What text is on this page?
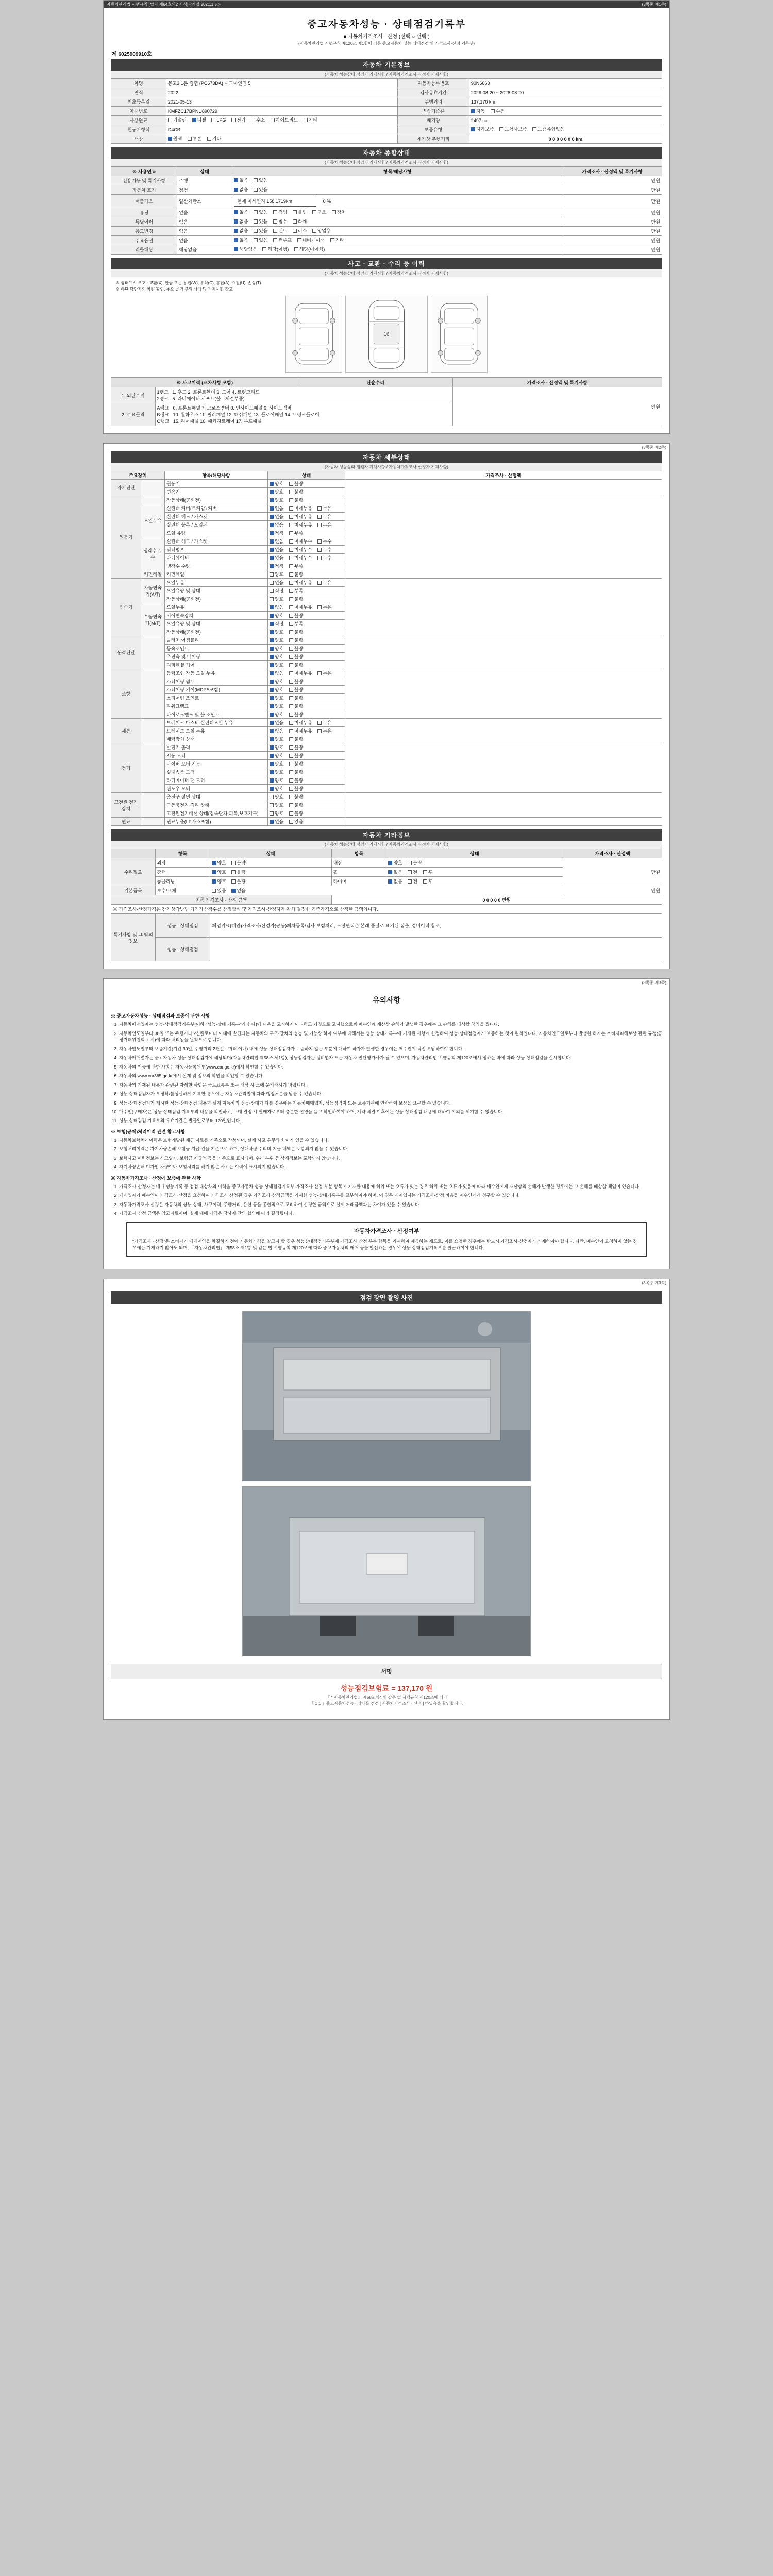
자동차관리법 시행규칙 [별지 제64호의2 서식] <개정 2021.1.5.>	(3쪽중 제1쪽)
중고자동차성능 · 상태점검기록부
■ 자동차가격조사 · 산정 (선택 ○ 선택 )
(자동차관리법 시행규칙 제120조 제1항에 따른 중고자동차 성능·상태점검 및 가격조사·산정 기록부)
제 6025909910호
자동차 기본정보
(자동차 성능상태 점검자 기재사항 / 자동차가격조사·산정자 기재사항)
차명	봉고3 1톤 킹캡 (PC673DA) 시그마엔진 5	자동차등록번호	90N6663
연식	2022	검사유효기간	2026-08-20 ~ 2028-08-20
최초등록일	2021-05-13	주행거리	137,170 km
차대번호	KMFZC17BPNU890729	변속기종류	자동 수동
사용연료	가솔린 디젤 LPG 전기 수소 하이브리드 기타	배기량	2497 cc
원동기형식	D4CB	보증유형	자가보증 보험사보증 보증유형없음
색상	원색 투톤 기타	계기상 주행거리	0 0 0 0 0 0 0 km
자동차 종합상태
(자동차 성능상태 점검자 기재사항 / 자동차가격조사·산정자 기재사항)
※ 사용연료	상태	항목/해당사항	가격조사 · 산정액 및 특기사항
전용기능 및 특기사항	주행	없음 있음	만원
자동차 표기	점검	없음 있음	만원
배출가스	일산화탄소	현재 미세먼지 158,1719km 0 %	만원
튜닝	없음	없음 있음 적법 불법 구조 장치	만원
특별이력	없음	없음 있음 침수 화재	만원
용도변경	없음	없음 있음 렌트 리스 영업용	만원
주요옵션	없음	없음 있음 썬루프 내비게이션 기타	만원
리콜대상	해당없음	해당없음 해당(이행) 해당(미이행)	만원
사고 · 교환 · 수리 등 이력
(자동차 성능상태 점검자 기재사항 / 자동차가격조사·산정자 기재사항)
※ 상태표시 부호 : 교환(X), 판금 또는 용접(W), 부식(C), 흠집(A), 요철(U), 손상(T)
※ 하단 담당자의 차량 확인, 주요 골격 부위 상태 및 기재사항 참고
16
※ 사고이력 (교차사항 포함)		단순수리	가격조사 · 산정액 및 특기사항
1. 외판부위	1랭크 1. 후드 2. 프론트휀더 3. 도어 4. 트렁크리드
2랭크 5. 라디에이터 서포트(볼트체결부품)		만원
2. 주요골격	A랭크 6. 프론트패널 7. 크로스멤버 8. 인사이드패널 9. 사이드멤버
B랭크 10. 휠하우스 11. 필러패널 12. 대쉬패널 13. 플로어패널 14. 트렁크플로어
C랭크 15. 리어패널 16. 패키지트레이 17. 루프패널		
(3쪽중 제2쪽)
자동차 세부상태
(자동차 성능상태 점검자 기재사항 / 자동차가격조사·산정자 기재사항)
주요장치		항목/해당사항	상태	가격조사 · 산정액
자기진단		원동기	양호 불량	
		변속기	양호 불량	
원동기		작동상태(공회전)	양호 불량	
	오일누유	실린더 커버(로커암) 커버	없음 미세누유 누유	
		실린더 헤드 / 가스켓	없음 미세누유 누유	
		실린더 블록 / 오일팬	없음 미세누유 누유	
		오일 유량	적정 부족	
	냉각수 누수	실린더 헤드 / 가스켓	없음 미세누수 누수	
		워터펌프	없음 미세누수 누수	
		라디에이터	없음 미세누수 누수	
		냉각수 수량	적정 부족	
	커먼레일	커먼레일	양호 불량	
변속기	자동변속기(A/T)	오일누유	없음 미세누유 누유	
		오일유량 및 상태	적정 부족	
		작동상태(공회전)	양호 불량	
	수동변속기(M/T)	오일누유	없음 미세누유 누유	
		기어변속장치	양호 불량	
		오일유량 및 상태	적정 부족	
		작동상태(공회전)	양호 불량	
동력전달		클러치 어셈블리	양호 불량	
		등속조인트	양호 불량	
		추진축 및 베어링	양호 불량	
		디퍼렌셜 기어	양호 불량	
조향		동력조향 작동 오일 누유	없음 미세누유 누유	
		스티어링 펌프	양호 불량	
		스티어링 기어(MDPS포함)	양호 불량	
		스티어링 조인트	양호 불량	
		파워크랭크	양호 불량	
		타이로드엔드 및 볼 조인트	양호 불량	
제동		브레이크 마스터 실린더오일 누유	없음 미세누유 누유	
		브레이크 오일 누유	없음 미세누유 누유	
		배력장치 상태	양호 불량	
전기		발전기 출력	양호 불량	
		시동 모터	양호 불량	
		와이퍼 모터 기능	양호 불량	
		실내송풍 모터	양호 불량	
		라디에이터 팬 모터	양호 불량	
		윈도우 모터	양호 불량	
고전원 전기장치		충전구 절연 상태	양호 불량	
		구동축전지 격리 상태	양호 불량	
		고전원전기배선 상태(접속단자,피복,보호기구)	양호 불량	
연료		연료누출(LP가스포함)	없음 있음	
자동차 기타정보
(자동차 성능상태 점검자 기재사항 / 자동차가격조사·산정자 기재사항)
	항목	상태	항목	상태	가격조사 · 산정액
수리필요	외장	양호 불량	내장	양호 불량	만원
	광택	양호 불량	휠	없음 전 후	
	룸클리닝	양호 불량	타이어	없음 전 후	
기본품목	보수/교체	있음 없음			만원
최종 가격조사 · 산정 금액			0 0 0 0 0 만원		
※ 가격조사·산정가격은 감가상각방법 가격가산점수를 산정방식 및 가격조사·산정자가 자체 결정한 기준가격으로 산정한 금액입니다.					
특기사항 및 그 밖의 정보	성능 · 상태점검	폐업위료(페인)가격조사/산정자(공동)폐차등록/검사 보험처리, 도장면적은 본래 품질로 표기된 점을, 정비이력 참조,			
	성능 · 상태점검				
(3쪽중 제3쪽)
유의사항
※ 중고자동차성능 · 상태점검과 보증에 관한 사항
1. 자동차매매업자는 성능·상태점검기록부(이하 "성능·상태 기록부"라 한다)에 내용을 고지하지 아니하고 거짓으로 고지했으로써 매수인에 재산상 손해가 발생한 경우에는 그 손해를 배상할 책임을 집니다.
2. 자동차인도일부터 30일 또는 주행거리 2천킬로미터 이내에 발견되는 자동차의 구조·장치의 성능 및 기능상 하자 여부에 대해서는 성능·상태기록부에 기재된 사항에 한정하여 성능·상태점검자가 보증하는 것이 원칙입니다. 자동차인도일로부터 발생한 하자는 소비자피해보상 관련 규정(공정거래위원회 고시)에 따라 처리됨을 원칙으로 합니다.
3. 자동차인도일부터 보증기간(기간 30일, 주행거리 2천킬로미터 이내) 내에 성능·상태점검자가 보증하지 않는 부분에 대하여 하자가 발생한 경우에는 매수인이 직접 부담하여야 합니다.
4. 자동차매매업자는 중고자동차 성능·상태점검자에 해당되며(자동차관리법 제58조 제1항), 성능점검자는 정비업자 또는 자동차 진단평가사가 될 수 있으며, 자동차관리법 시행규칙 제120조에서 정하는 바에 따라 성능·상태점검을 실시합니다.
5. 자동차의 이중에 관한 사항은 자동차등록원부(www.car.go.kr)에서 확인할 수 있습니다.
6. 자동차의 www.car365.go.kr에서 실제 및 정보의 확인을 확인할 수 있습니다.
7. 자동차의 기재된 내용과 관련된 자세한 사항은 국토교통부 또는 해당 시·도에 문의하시기 바랍니다.
8. 성능·상태점검자가 부정확/불성실하게 기록한 경우에는 자동차관리법에 따라 행정처분을 받을 수 있습니다.
9. 성능·상태점검자가 제시한 성능·상태점검 내용과 실제 자동차의 성능·상태가 다를 경우에는 자동차매매업자, 성능점검자 또는 보증기관에 연락하여 보상을 요구할 수 있습니다.
10. 매수인(구매자)은 성능·상태점검 기록부의 내용을 확인하고, 구매 결정 시 판매자로부터 충분한 설명을 듣고 확인하여야 하며, 계약 체결 이후에는 성능·상태점검 내용에 대하여 이의를 제기할 수 없습니다.
11. 성능·상태점검 기록부의 유효기간은 발급일로부터 120일입니다.
※ 보험(공제)처리이력 관련 참고사항
1. 자동차보험처리이력은 보험개발원 제공 자료를 기준으로 작성되며, 실제 사고 유무와 차이가 있을 수 있습니다.
2. 보험처리이력은 자기차량손해 보험금 지급 건을 기준으로 하며, 상대차량 수리비 지급 내역은 포함되지 않을 수 있습니다.
3. 보험사고 이력정보는 사고일자, 보험금 지급액 등을 기준으로 표시되며, 수리 부위 등 상세정보는 포함되지 않습니다.
4. 자기차량손해 미가입 차량이나 보험처리를 하지 않은 사고는 이력에 표시되지 않습니다.
※ 자동차가격조사 · 산정에 보증에 관한 사항
1. 가격조사·산정자는 매매 성능기록 중 점검 대상차의 이력을 중고자동차 성능·상태점검기록부 가격조사·산정 부분 항목에 기재한 내용에 허위 또는 오류가 있는 경우 허위 또는 오류가 있음에 따라 매수인에게 재산상의 손해가 발생한 경우에는 그 손해를 배상할 책임이 있습니다.
2. 매매업자가 매수인이 가격조사·산정을 요청하여 가격조사 산정된 경우 가격조사·산정금액을 기재한 성능·상태기록부를 교부하여야 하며, 이 경우 매매업자는 가격조사·산정 비용을 매수인에게 청구할 수 있습니다.
3. 자동차가격조사·산정은 자동차의 성능·상태, 사고이력, 주행거리, 옵션 등을 종합적으로 고려하여 산정한 금액으로 실제 거래금액과는 차이가 있을 수 있습니다.
4. 가격조사·산정 금액은 참고자료이며, 실제 매매 가격은 당사자 간의 협의에 따라 결정됩니다.
자동차가격조사 · 산정여부
"가격조사 · 산정"은 소비자가 매매계약을 체결하기 전에 자동차가격을 알고자 할 경우 성능상태점검기록부에 가격조사·산정 부분 항목을 기재하여 제공하는 제도로, 이를 요청한 경우에는 반드시 가격조사·산정자가 기재하여야 합니다. 다만, 매수인이 요청하지 않는 경우에는 기재하지 않아도 되며, 「자동차관리법」 제58조 제1항 및 같은 법 시행규칙 제120조에 따라 중고자동차의 매매 등을 알선하는 경우에 성능·상태점검기록부를 발급하여야 합니다.
(3쪽중 제3쪽)
점검 장면 촬영 사진
서명
성능점검보험료 = 137,170 원
『 * 자동차관리법』 제58조의4 및 같은 법 시행규칙 제120조에 따라
「 1 1 」중고자동차성능 · 상태를 점검 [ 자동차가격조사 · 산정 ] 하였음을 확인합니다.
